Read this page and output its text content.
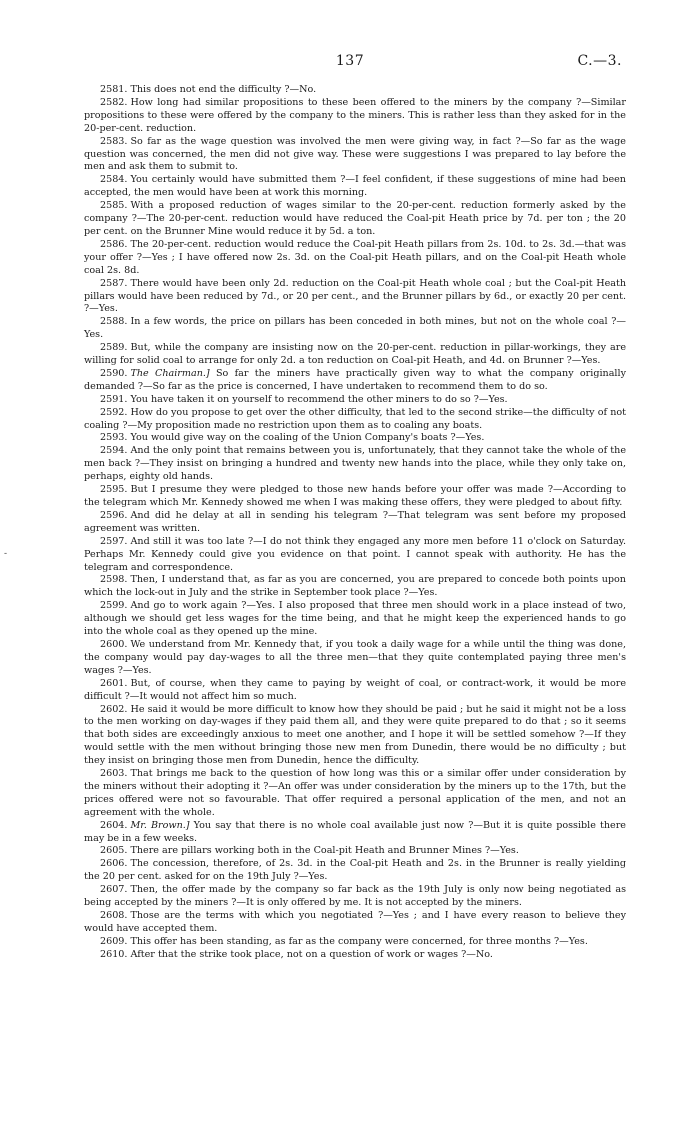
137	C.—3.
-

2581. This does not end the difficulty ?—No.

2582. How long had similar propositions to these been offered to the miners by the company ?—Similar propositions to these were offered by the company to the miners. This is rather less than they asked for in the 20-per-cent. reduction.

2583. So far as the wage question was involved the men were giving way, in fact ?—So far as the wage question was concerned, the men did not give way. These were suggestions I was prepared to lay before the men and ask them to submit to.

2584. You certainly would have submitted them ?—I feel confident, if these suggestions of mine had been accepted, the men would have been at work this morning.

2585. With a proposed reduction of wages similar to the 20-per-cent. reduction formerly asked by the company ?—The 20-per-cent. reduction would have reduced the Coal-pit Heath price by 7d. per ton ; the 20 per cent. on the Brunner Mine would reduce it by 5d. a ton.

2586. The 20-per-cent. reduction would reduce the Coal-pit Heath pillars from 2s. 10d. to 2s. 3d.—that was your offer ?—Yes ; I have offered now 2s. 3d. on the Coal-pit Heath pillars, and on the Coal-pit Heath whole coal 2s. 8d.

2587. There would have been only 2d. reduction on the Coal-pit Heath whole coal ; but the Coal-pit Heath pillars would have been reduced by 7d., or 20 per cent., and the Brunner pillars by 6d., or exactly 20 per cent. ?—Yes.

2588. In a few words, the price on pillars has been conceded in both mines, but not on the whole coal ?—Yes.

2589. But, while the company are insisting now on the 20-per-cent. reduction in pillar-workings, they are willing for solid coal to arrange for only 2d. a ton reduction on Coal-pit Heath, and 4d. on Brunner ?—Yes.

2590. The Chairman.] So far the miners have practically given way to what the company originally demanded ?—So far as the price is concerned, I have undertaken to recommend them to do so.

2591. You have taken it on yourself to recommend the other miners to do so ?—Yes.

2592. How do you propose to get over the other difficulty, that led to the second strike—the difficulty of not coaling ?—My proposition made no restriction upon them as to coaling any boats.

2593. You would give way on the coaling of the Union Company's boats ?—Yes.

2594. And the only point that remains between you is, unfortunately, that they cannot take the whole of the men back ?—They insist on bringing a hundred and twenty new hands into the place, while they only take on, perhaps, eighty old hands.

2595. But I presume they were pledged to those new hands before your offer was made ?—According to the telegram which Mr. Kennedy showed me when I was making these offers, they were pledged to about fifty.

2596. And did he delay at all in sending his telegram ?—That telegram was sent before my proposed agreement was written.

2597. And still it was too late ?—I do not think they engaged any more men before 11 o'clock on Saturday. Perhaps Mr. Kennedy could give you evidence on that point. I cannot speak with authority. He has the telegram and correspondence.

2598. Then, I understand that, as far as you are concerned, you are prepared to concede both points upon which the lock-out in July and the strike in September took place ?—Yes.

2599. And go to work again ?—Yes. I also proposed that three men should work in a place instead of two, although we should get less wages for the time being, and that he might keep the experienced hands to go into the whole coal as they opened up the mine.

2600. We understand from Mr. Kennedy that, if you took a daily wage for a while until the thing was done, the company would pay day-wages to all the three men—that they quite contemplated paying three men's wages ?—Yes.

2601. But, of course, when they came to paying by weight of coal, or contract-work, it would be more difficult ?—It would not affect him so much.

2602. He said it would be more difficult to know how they should be paid ; but he said it might not be a loss to the men working on day-wages if they paid them all, and they were quite prepared to do that ; so it seems that both sides are exceedingly anxious to meet one another, and I hope it will be settled somehow ?—If they would settle with the men without bringing those new men from Dunedin, there would be no difficulty ; but they insist on bringing those men from Dunedin, hence the difficulty.

2603. That brings me back to the question of how long was this or a similar offer under consideration by the miners without their adopting it ?—An offer was under consideration by the miners up to the 17th, but the prices offered were not so favourable. That offer required a personal application of the men, and not an agreement with the whole.

2604. Mr. Brown.] You say that there is no whole coal available just now ?—But it is quite possible there may be in a few weeks.

2605. There are pillars working both in the Coal-pit Heath and Brunner Mines ?—Yes.

2606. The concession, therefore, of 2s. 3d. in the Coal-pit Heath and 2s. in the Brunner is really yielding the 20 per cent. asked for on the 19th July ?—Yes.

2607. Then, the offer made by the company so far back as the 19th July is only now being negotiated as being accepted by the miners ?—It is only offered by me. It is not accepted by the miners.

2608. Those are the terms with which you negotiated ?—Yes ; and I have every reason to believe they would have accepted them.

2609. This offer has been standing, as far as the company were concerned, for three months ?—Yes.

2610. After that the strike took place, not on a question of work or wages ?—No.
